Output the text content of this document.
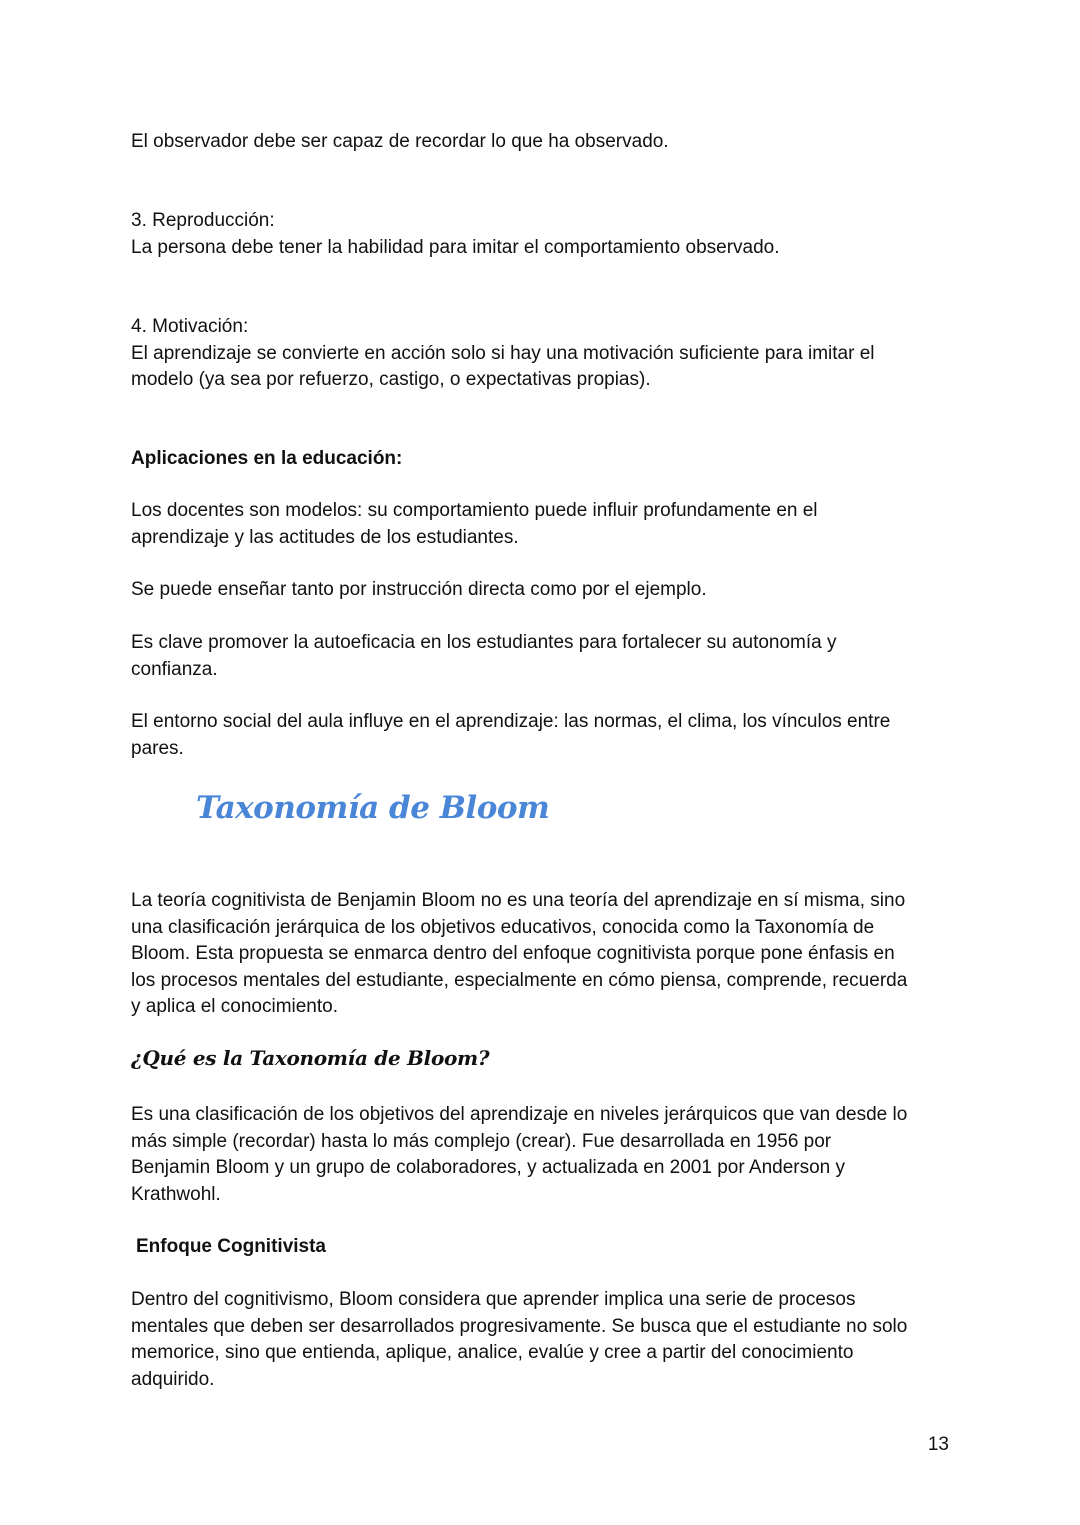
El observador debe ser capaz de recordar lo que ha observado.

3. Reproducción:
La persona debe tener la habilidad para imitar el comportamiento observado.

4. Motivación:
El aprendizaje se convierte en acción solo si hay una motivación suficiente para imitar el
modelo (ya sea por refuerzo, castigo, o expectativas propias).

Aplicaciones en la educación:

Los docentes son modelos: su comportamiento puede influir profundamente en el
aprendizaje y las actitudes de los estudiantes.

Se puede enseñar tanto por instrucción directa como por el ejemplo.

Es clave promover la autoeficacia en los estudiantes para fortalecer su autonomía y
confianza.

El entorno social del aula influye en el aprendizaje: las normas, el clima, los vínculos entre
pares.

Taxonomía de Bloom

La teoría cognitivista de Benjamin Bloom no es una teoría del aprendizaje en sí misma, sino
una clasificación jerárquica de los objetivos educativos, conocida como la Taxonomía de
Bloom. Esta propuesta se enmarca dentro del enfoque cognitivista porque pone énfasis en
los procesos mentales del estudiante, especialmente en cómo piensa, comprende, recuerda
y aplica el conocimiento.

¿Qué es la Taxonomía de Bloom?

Es una clasificación de los objetivos del aprendizaje en niveles jerárquicos que van desde lo
más simple (recordar) hasta lo más complejo (crear). Fue desarrollada en 1956 por
Benjamin Bloom y un grupo de colaboradores, y actualizada en 2001 por Anderson y
Krathwohl.

Enfoque Cognitivista

Dentro del cognitivismo, Bloom considera que aprender implica una serie de procesos
mentales que deben ser desarrollados progresivamente. Se busca que el estudiante no solo
memorice, sino que entienda, aplique, analice, evalúe y cree a partir del conocimiento
adquirido.

13
